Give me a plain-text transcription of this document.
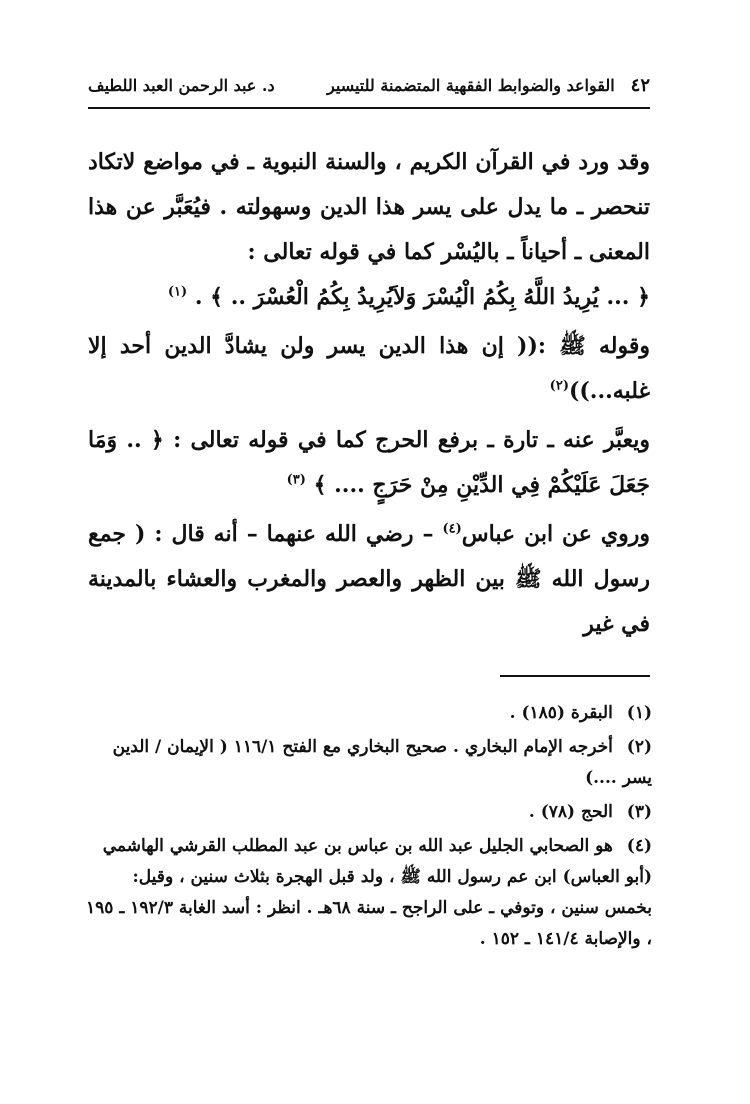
٤٢
القواعد والضوابط الفقهية المتضمنة للتيسير
د. عبد الرحمن العبد اللطيف

وقد ورد في القرآن الكريم ، والسنة النبوية ـ في مواضع لاتكاد تنحصر ـ ما يدل على يسر هذا الدين وسهولته . فيُعَبَّر عن هذا المعنى ـ أحياناً ـ باليُسْر كما في قوله تعالى :
﴿ ... يُرِيدُ اللَّهُ بِكُمُ الْيُسْرَ وَلاَيُرِيدُ بِكُمُ الْعُسْرَ .. ﴾ . $^{(١)}$

وقوله ﷺ :(( إن هذا الدين يسر ولن يشادَّ الدين أحد إلا غلبه...))$^{(٢)}$

ويعبَّر عنه ـ تارة ـ برفع الحرج كما في قوله تعالى : ﴿ .. وَمَا جَعَلَ عَلَيْكُمْ فِي الدِّيْنِ مِنْ حَرَجٍ .... ﴾ $^{(٣)}$

وروي عن ابن عباس$^{(٤)}$ – رضي الله عنهما – أنه قال : ( جمع رسول الله ﷺ بين الظهر والعصر والمغرب والعشاء بالمدينة في غير

(١) البقرة (١٨٥) .
(٢) أخرجه الإمام البخاري . صحيح البخاري مع الفتح ١١٦/١ ( الإيمان / الدين يسر ....)
(٣) الحج (٧٨) .
(٤) هو الصحابي الجليل عبد الله بن عباس بن عبد المطلب القرشي الهاشمي (أبو العباس) ابن عم رسول الله ﷺ ، ولد قبل الهجرة بثلاث سنين ، وقيل: بخمس سنين ، وتوفي ـ على الراجح ـ سنة ٦٨هـ . انظر : أسد الغابة ١٩٢/٣ ـ ١٩٥ ، والإصابة ١٤١/٤ ـ ١٥٢ .
